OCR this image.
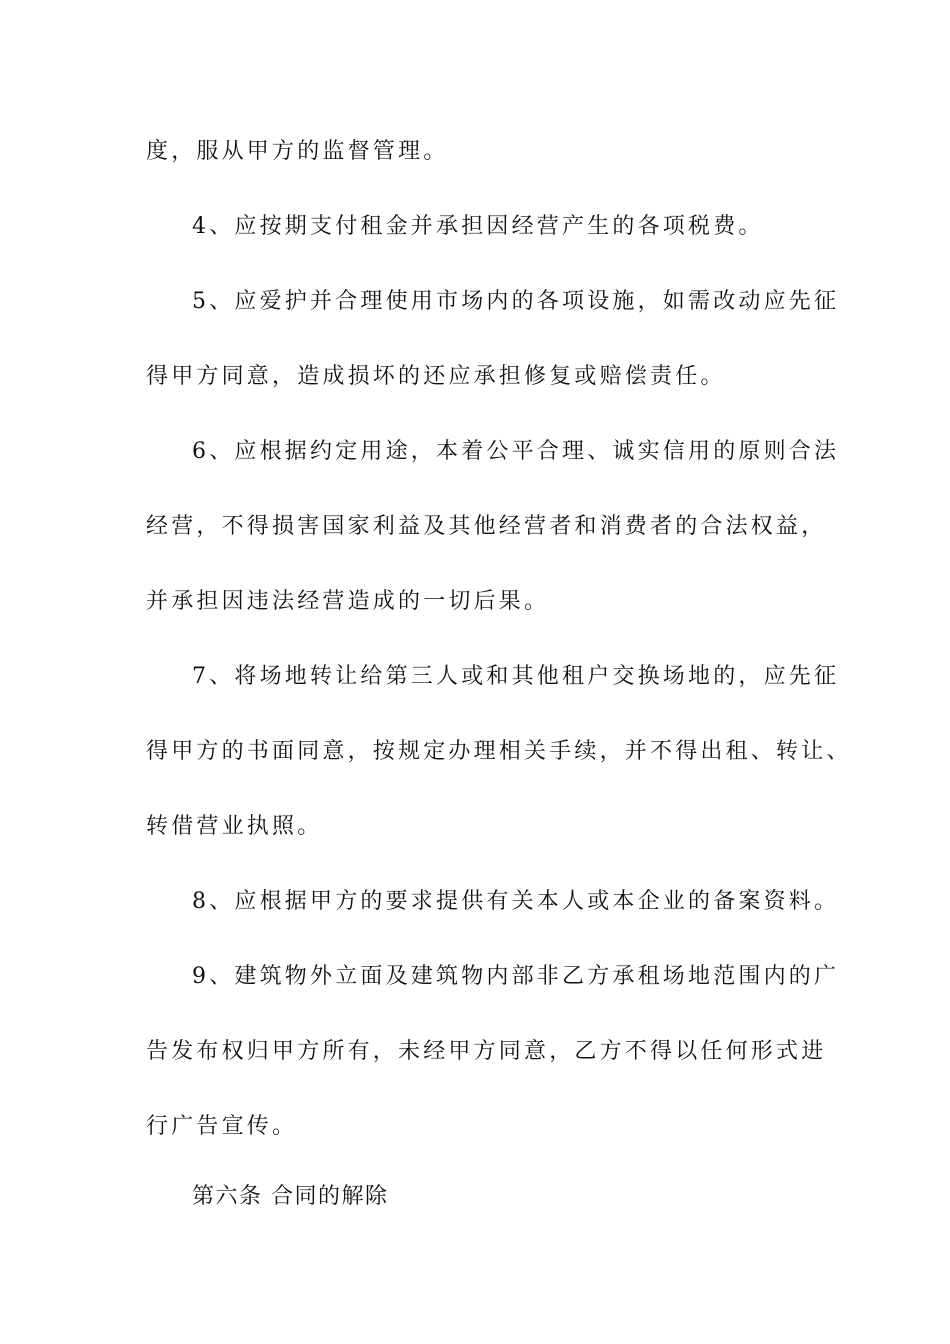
度，服从甲方的监督管理。
4、应按期支付租金并承担因经营产生的各项税费。
5、应爱护并合理使用市场内的各项设施，如需改动应先征
得甲方同意，造成损坏的还应承担修复或赔偿责任。
6、应根据约定用途，本着公平合理、诚实信用的原则合法
经营，不得损害国家利益及其他经营者和消费者的合法权益，
并承担因违法经营造成的一切后果。
7、将场地转让给第三人或和其他租户交换场地的，应先征
得甲方的书面同意，按规定办理相关手续，并不得出租、转让、
转借营业执照。
8、应根据甲方的要求提供有关本人或本企业的备案资料。
9、建筑物外立面及建筑物内部非乙方承租场地范围内的广
告发布权归甲方所有，未经甲方同意，乙方不得以任何形式进
行广告宣传。
第六条 合同的解除
